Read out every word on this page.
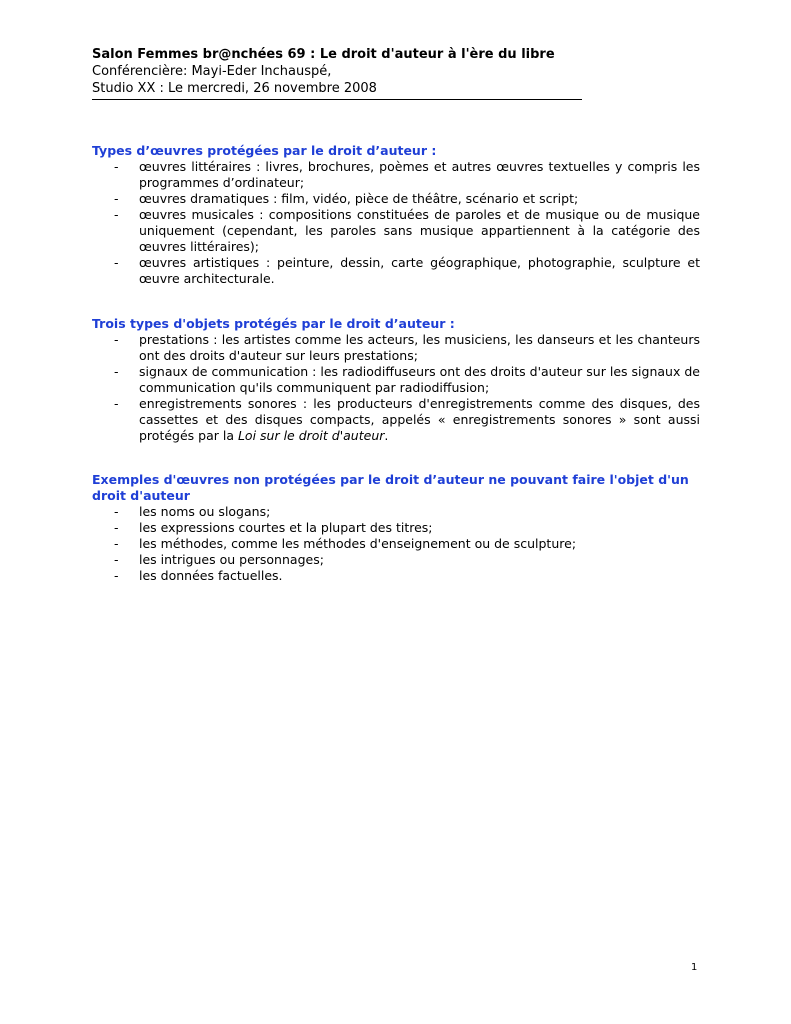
Salon Femmes br@nchées 69 : Le droit d'auteur à l'ère du libre
Conférencière: Mayi-Eder Inchauspé,
Studio XX : Le mercredi, 26 novembre 2008
Types d’œuvres protégées par le droit d’auteur :
- œuvres littéraires : livres, brochures, poèmes et autres œuvres textuelles y compris les programmes d’ordinateur;
- œuvres dramatiques : film, vidéo, pièce de théâtre, scénario et script;
- œuvres musicales : compositions constituées de paroles et de musique ou de musique uniquement (cependant, les paroles sans musique appartiennent à la catégorie des œuvres littéraires);
- œuvres artistiques : peinture, dessin, carte géographique, photographie, sculpture et œuvre architecturale.
Trois types d'objets protégés par le droit d’auteur :
- prestations : les artistes comme les acteurs, les musiciens, les danseurs et les chanteurs ont des droits d'auteur sur leurs prestations;
- signaux de communication : les radiodiffuseurs ont des droits d'auteur sur les signaux de communication qu'ils communiquent par radiodiffusion;
- enregistrements sonores : les producteurs d'enregistrements comme des disques, des cassettes et des disques compacts, appelés « enregistrements sonores » sont aussi protégés par la Loi sur le droit d'auteur.
Exemples d'œuvres non protégées par le droit d’auteur ne pouvant faire l'objet d'un droit d'auteur
- les noms ou slogans;
- les expressions courtes et la plupart des titres;
- les méthodes, comme les méthodes d'enseignement ou de sculpture;
- les intrigues ou personnages;
- les données factuelles.
1
